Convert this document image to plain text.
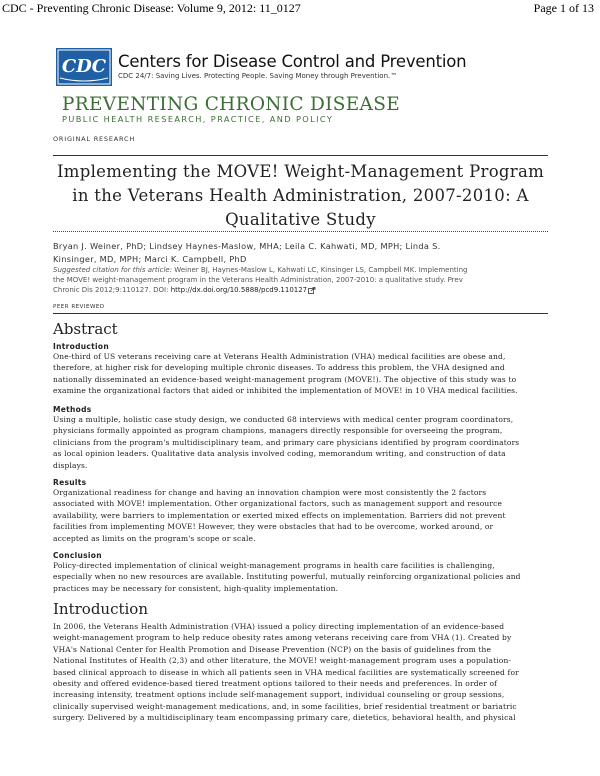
CDC - Preventing Chronic Disease: Volume 9, 2012: 11_0127	Page 1 of 13
CDC Centers for Disease Control and Prevention
CDC 24/7: Saving Lives. Protecting People. Saving Money through Prevention.™
PREVENTING CHRONIC DISEASE
PUBLIC HEALTH RESEARCH, PRACTICE, AND POLICY
ORIGINAL RESEARCH
Implementing the MOVE! Weight-Management Program
in the Veterans Health Administration, 2007-2010: A
Qualitative Study
Bryan J. Weiner, PhD; Lindsey Haynes-Maslow, MHA; Leila C. Kahwati, MD, MPH; Linda S.
Kinsinger, MD, MPH; Marci K. Campbell, PhD
Suggested citation for this article: Weiner BJ, Haynes-Maslow L, Kahwati LC, Kinsinger LS, Campbell MK. Implementing
the MOVE! weight-management program in the Veterans Health Administration, 2007-2010: a qualitative study. Prev
Chronic Dis 2012;9:110127. DOI: http://dx.doi.org/10.5888/pcd9.110127
PEER REVIEWED
Abstract
Introduction
One-third of US veterans receiving care at Veterans Health Administration (VHA) medical facilities are obese and,
therefore, at higher risk for developing multiple chronic diseases. To address this problem, the VHA designed and
nationally disseminated an evidence-based weight-management program (MOVE!). The objective of this study was to
examine the organizational factors that aided or inhibited the implementation of MOVE! in 10 VHA medical facilities.
Methods
Using a multiple, holistic case study design, we conducted 68 interviews with medical center program coordinators,
physicians formally appointed as program champions, managers directly responsible for overseeing the program,
clinicians from the program's multidisciplinary team, and primary care physicians identified by program coordinators
as local opinion leaders. Qualitative data analysis involved coding, memorandum writing, and construction of data
displays.
Results
Organizational readiness for change and having an innovation champion were most consistently the 2 factors
associated with MOVE! implementation. Other organizational factors, such as management support and resource
availability, were barriers to implementation or exerted mixed effects on implementation. Barriers did not prevent
facilities from implementing MOVE! However, they were obstacles that had to be overcome, worked around, or
accepted as limits on the program's scope or scale.
Conclusion
Policy-directed implementation of clinical weight-management programs in health care facilities is challenging,
especially when no new resources are available. Instituting powerful, mutually reinforcing organizational policies and
practices may be necessary for consistent, high-quality implementation.
Introduction
In 2006, the Veterans Health Administration (VHA) issued a policy directing implementation of an evidence-based
weight-management program to help reduce obesity rates among veterans receiving care from VHA (1). Created by
VHA's National Center for Health Promotion and Disease Prevention (NCP) on the basis of guidelines from the
National Institutes of Health (2,3) and other literature, the MOVE! weight-management program uses a population-
based clinical approach to disease in which all patients seen in VHA medical facilities are systematically screened for
obesity and offered evidence-based tiered treatment options tailored to their needs and preferences. In order of
increasing intensity, treatment options include self-management support, individual counseling or group sessions,
clinically supervised weight-management medications, and, in some facilities, brief residential treatment or bariatric
surgery. Delivered by a multidisciplinary team encompassing primary care, dietetics, behavioral health, and physical
